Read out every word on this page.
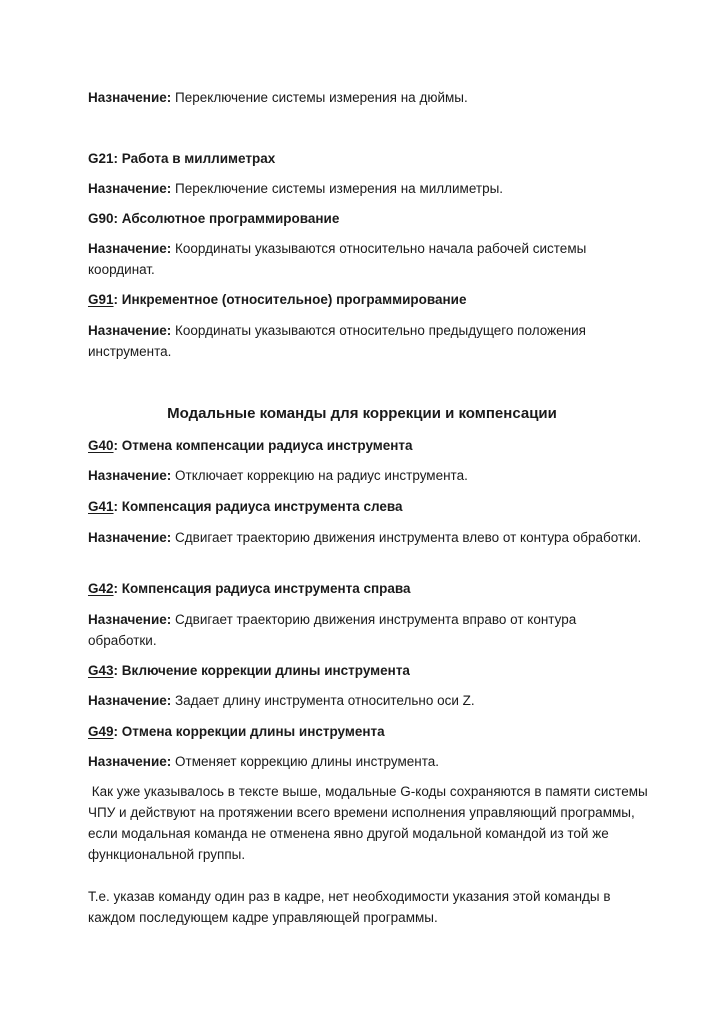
Назначение: Переключение системы измерения на дюймы.

G21: Работа в миллиметрах

Назначение: Переключение системы измерения на миллиметры.

G90: Абсолютное программирование

Назначение: Координаты указываются относительно начала рабочей системы координат.

G91: Инкрементное (относительное) программирование

Назначение: Координаты указываются относительно предыдущего положения инструмента.

Модальные команды для коррекции и компенсации

G40: Отмена компенсации радиуса инструмента

Назначение: Отключает коррекцию на радиус инструмента.

G41: Компенсация радиуса инструмента слева

Назначение: Сдвигает траекторию движения инструмента влево от контура обработки.

G42: Компенсация радиуса инструмента справа

Назначение: Сдвигает траекторию движения инструмента вправо от контура обработки.

G43: Включение коррекции длины инструмента

Назначение: Задает длину инструмента относительно оси Z.

G49: Отмена коррекции длины инструмента

Назначение: Отменяет коррекцию длины инструмента.

Как уже указывалось в тексте выше, модальные G-коды сохраняются в памяти системы ЧПУ и действуют на протяжении всего времени исполнения управляющий программы, если модальная команда не отменена явно другой модальной командой из той же функциональной группы.

Т.е. указав команду один раз в кадре, нет необходимости указания этой команды в каждом последующем кадре управляющей программы.
